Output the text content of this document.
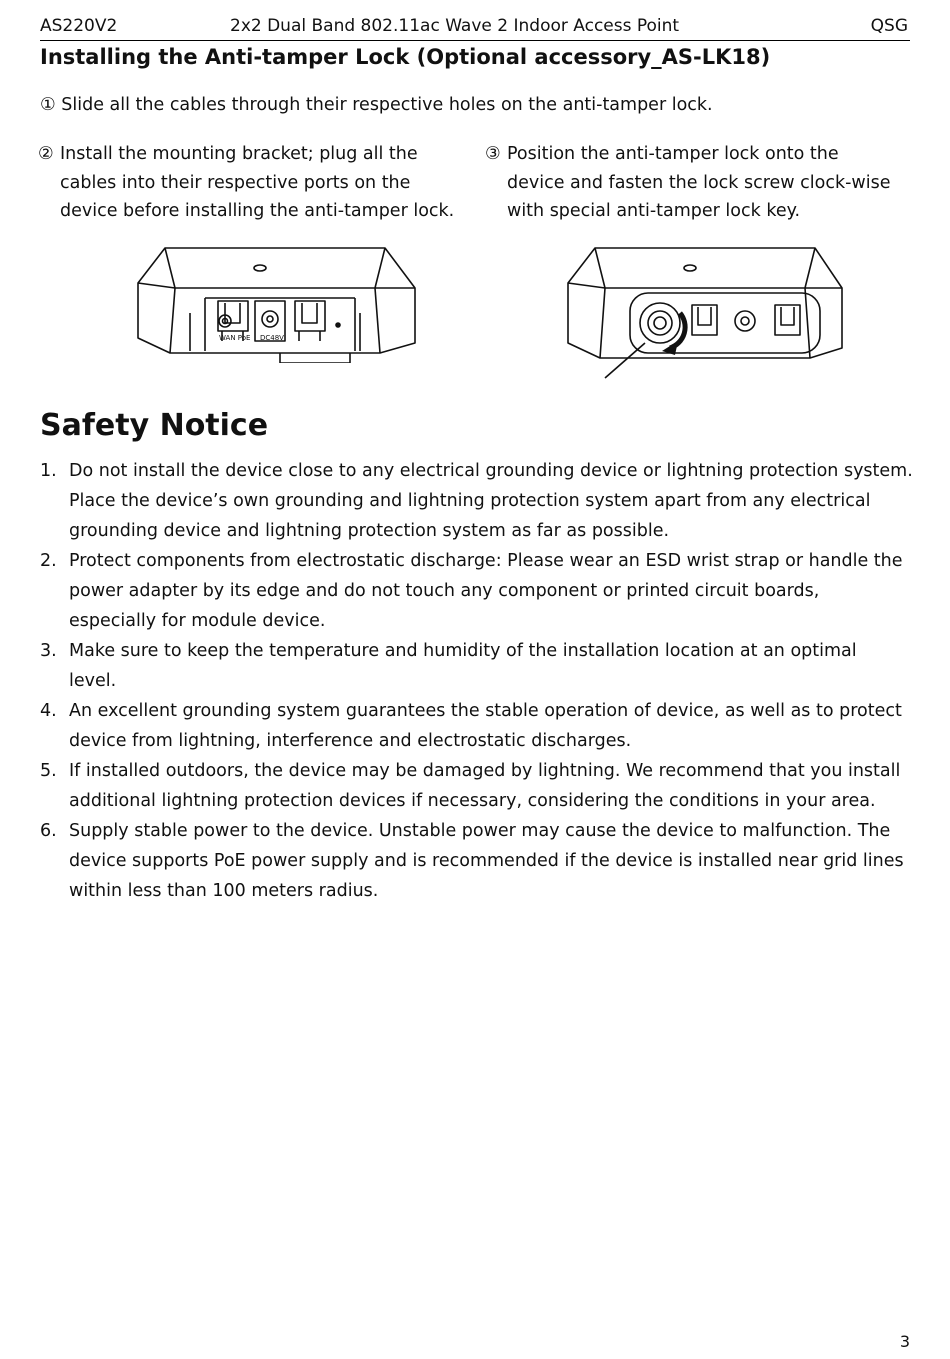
AS220V2	2x2 Dual Band 802.11ac Wave 2 Indoor Access Point	QSG
Installing the Anti-tamper Lock (Optional accessory_AS-LK18)
① Slide all the cables through their respective holes on the anti-tamper lock.
② Install the mounting bracket; plug all the
cables into their respective ports on the
device before installing the anti-tamper lock.
③ Position the anti-tamper lock onto the
device and fasten the lock screw clock-wise
with special anti-tamper lock key.
WAN PoE DC48V
Safety Notice
1. Do not install the device close to any electrical grounding device or lightning protection system.
Place the device’s own grounding and lightning protection system apart from any electrical
grounding device and lightning protection system as far as possible.
2. Protect components from electrostatic discharge: Please wear an ESD wrist strap or handle the
power adapter by its edge and do not touch any component or printed circuit boards,
especially for module device.
3. Make sure to keep the temperature and humidity of the installation location at an optimal
level.
4. An excellent grounding system guarantees the stable operation of device, as well as to protect
device from lightning, interference and electrostatic discharges.
5. If installed outdoors, the device may be damaged by lightning. We recommend that you install
additional lightning protection devices if necessary, considering the conditions in your area.
6. Supply stable power to the device. Unstable power may cause the device to malfunction. The
device supports PoE power supply and is recommended if the device is installed near grid lines
within less than 100 meters radius.
3
